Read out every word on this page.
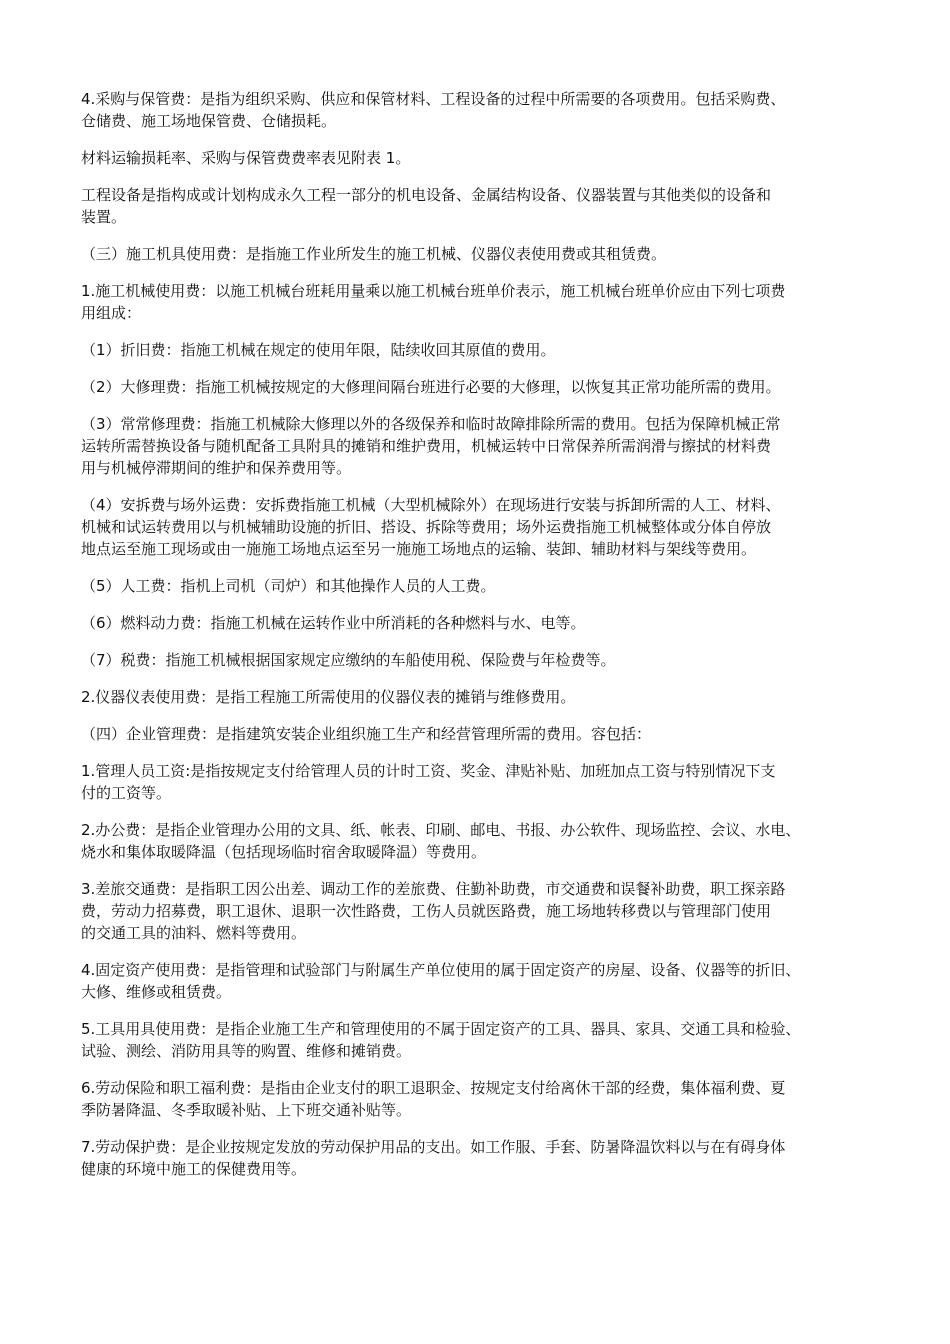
4.采购与保管费：是指为组织采购、供应和保管材料、工程设备的过程中所需要的各项费用。包括采购费、
仓储费、施工场地保管费、仓储损耗。

材料运输损耗率、采购与保管费费率表见附表 1。

工程设备是指构成或计划构成永久工程一部分的机电设备、金属结构设备、仪器装置与其他类似的设备和
装置。

（三）施工机具使用费：是指施工作业所发生的施工机械、仪器仪表使用费或其租赁费。

1.施工机械使用费：以施工机械台班耗用量乘以施工机械台班单价表示，施工机械台班单价应由下列七项费
用组成：

（1）折旧费：指施工机械在规定的使用年限，陆续收回其原值的费用。

（2）大修理费：指施工机械按规定的大修理间隔台班进行必要的大修理，以恢复其正常功能所需的费用。

（3）常常修理费：指施工机械除大修理以外的各级保养和临时故障排除所需的费用。包括为保障机械正常
运转所需替换设备与随机配备工具附具的摊销和维护费用，机械运转中日常保养所需润滑与擦拭的材料费
用与机械停滞期间的维护和保养费用等。

（4）安拆费与场外运费：安拆费指施工机械（大型机械除外）在现场进行安装与拆卸所需的人工、材料、
机械和试运转费用以与机械辅助设施的折旧、搭设、拆除等费用；场外运费指施工机械整体或分体自停放
地点运至施工现场或由一施施工场地点运至另一施施工场地点的运输、装卸、辅助材料与架线等费用。

（5）人工费：指机上司机（司炉）和其他操作人员的人工费。

（6）燃料动力费：指施工机械在运转作业中所消耗的各种燃料与水、电等。

（7）税费：指施工机械根据国家规定应缴纳的车船使用税、保险费与年检费等。

2.仪器仪表使用费：是指工程施工所需使用的仪器仪表的摊销与维修费用。

（四）企业管理费：是指建筑安装企业组织施工生产和经营管理所需的费用。容包括：

1.管理人员工资:是指按规定支付给管理人员的计时工资、奖金、津贴补贴、加班加点工资与特别情况下支
付的工资等。

2.办公费：是指企业管理办公用的文具、纸、帐表、印刷、邮电、书报、办公软件、现场监控、会议、水电、
烧水和集体取暖降温（包括现场临时宿舍取暖降温）等费用。

3.差旅交通费：是指职工因公出差、调动工作的差旅费、住勤补助费，市交通费和误餐补助费，职工探亲路
费，劳动力招募费，职工退休、退职一次性路费，工伤人员就医路费，施工场地转移费以与管理部门使用
的交通工具的油料、燃料等费用。

4.固定资产使用费：是指管理和试验部门与附属生产单位使用的属于固定资产的房屋、设备、仪器等的折旧、
大修、维修或租赁费。

5.工具用具使用费：是指企业施工生产和管理使用的不属于固定资产的工具、器具、家具、交通工具和检验、
试验、测绘、消防用具等的购置、维修和摊销费。

6.劳动保险和职工福利费：是指由企业支付的职工退职金、按规定支付给离休干部的经费，集体福利费、夏
季防暑降温、冬季取暖补贴、上下班交通补贴等。

7.劳动保护费：是企业按规定发放的劳动保护用品的支出。如工作服、手套、防暑降温饮料以与在有碍身体
健康的环境中施工的保健费用等。
